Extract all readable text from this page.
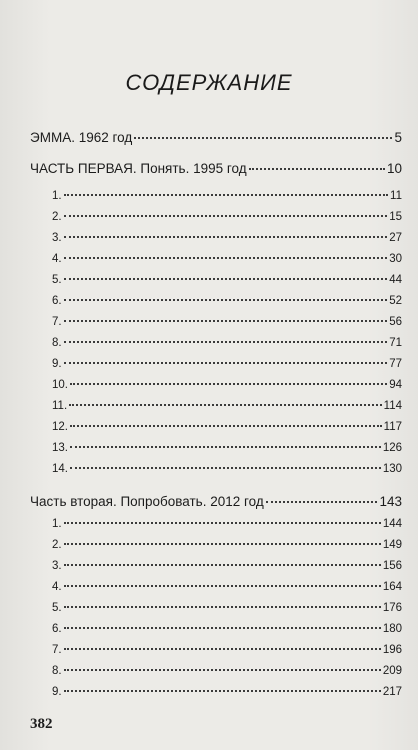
СОДЕРЖАНИЕ
ЭММА. 1962 год	5
ЧАСТЬ ПЕРВАЯ. Понять. 1995 год	10
1.	11
2.	15
3.	27
4.	30
5.	44
6.	52
7.	56
8.	71
9.	77
10.	94
11.	114
12.	117
13.	126
14.	130
Часть вторая. Попробовать. 2012 год	143
1.	144
2.	149
3.	156
4.	164
5.	176
6.	180
7.	196
8.	209
9.	217
382
